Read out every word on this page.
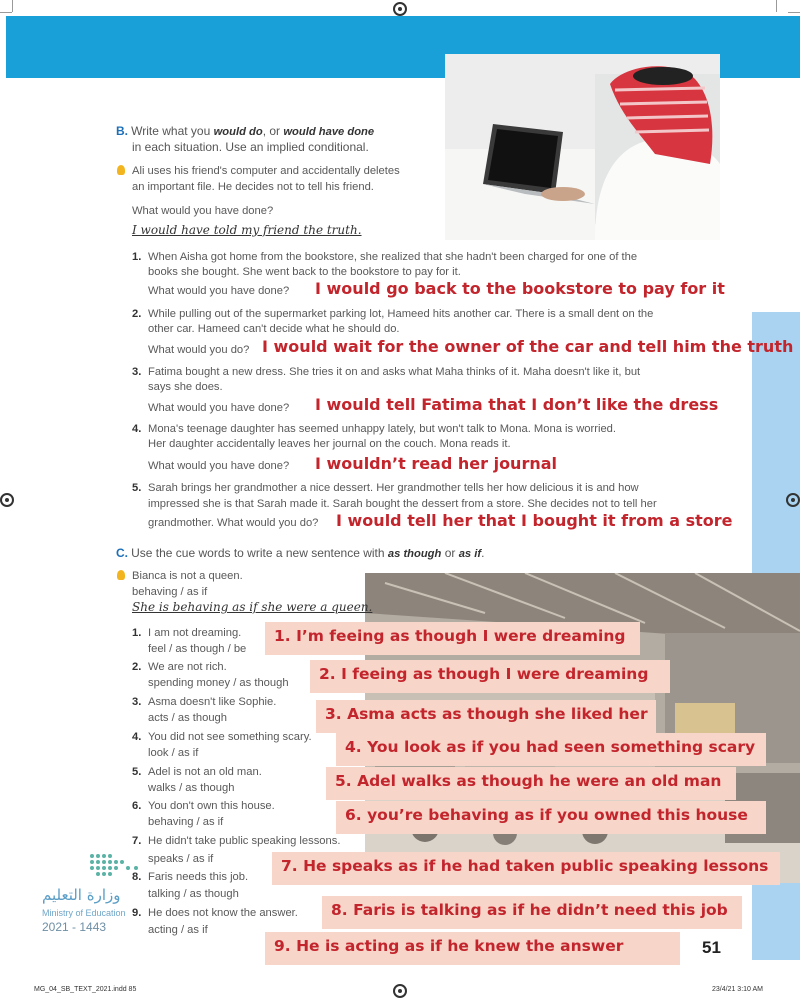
B. Write what you would do, or would have done
in each situation. Use an implied conditional.
Ali uses his friend's computer and accidentally deletes
an important file. He decides not to tell his friend.
What would you have done?
I would have told my friend the truth.
1. When Aisha got home from the bookstore, she realized that she hadn't been charged for one of the
books she bought. She went back to the bookstore to pay for it.
What would you have done? I would go back to the bookstore to pay for it
2. While pulling out of the supermarket parking lot, Hameed hits another car. There is a small dent on the
other car. Hameed can't decide what he should do.
What would you do? I would wait for the owner of the car and tell him the truth
3. Fatima bought a new dress. She tries it on and asks what Maha thinks of it. Maha doesn't like it, but
says she does.
What would you have done? I would tell Fatima that I don’t like the dress
4. Mona's teenage daughter has seemed unhappy lately, but won't talk to Mona. Mona is worried.
Her daughter accidentally leaves her journal on the couch. Mona reads it.
What would you have done? I wouldn’t read her journal
5. Sarah brings her grandmother a nice dessert. Her grandmother tells her how delicious it is and how
impressed she is that Sarah made it. Sarah bought the dessert from a store. She decides not to tell her
grandmother. What would you do? I would tell her that I bought it from a store
C. Use the cue words to write a new sentence with as though or as if.
Bianca is not a queen.
behaving / as if
She is behaving as if she were a queen.
1. I am not dreaming.
feel / as though / be
2. We are not rich.
spending money / as though
3. Asma doesn't like Sophie.
acts / as though
4. You did not see something scary.
look / as if
5. Adel is not an old man.
walks / as though
6. You don't own this house.
behaving / as if
7. He didn't take public speaking lessons.
speaks / as if
8. Faris needs this job.
talking / as though
9. He does not know the answer.
acting / as if
1. I’m feeing as though I were dreaming
2. I feeing as though I were dreaming
3. Asma acts as though she liked her
4. You look as if you had seen something scary
5. Adel walks as though he were an old man
6. you’re behaving as if you owned this house
7. He speaks as if he had taken public speaking lessons
8. Faris is talking as if he didn’t need this job
9. He is acting as if he knew the answer	51
وزارة التعليم
Ministry of Education
2021 - 1443
MG_04_SB_TEXT_2021.indd 85	23/4/21 3:10 AM
